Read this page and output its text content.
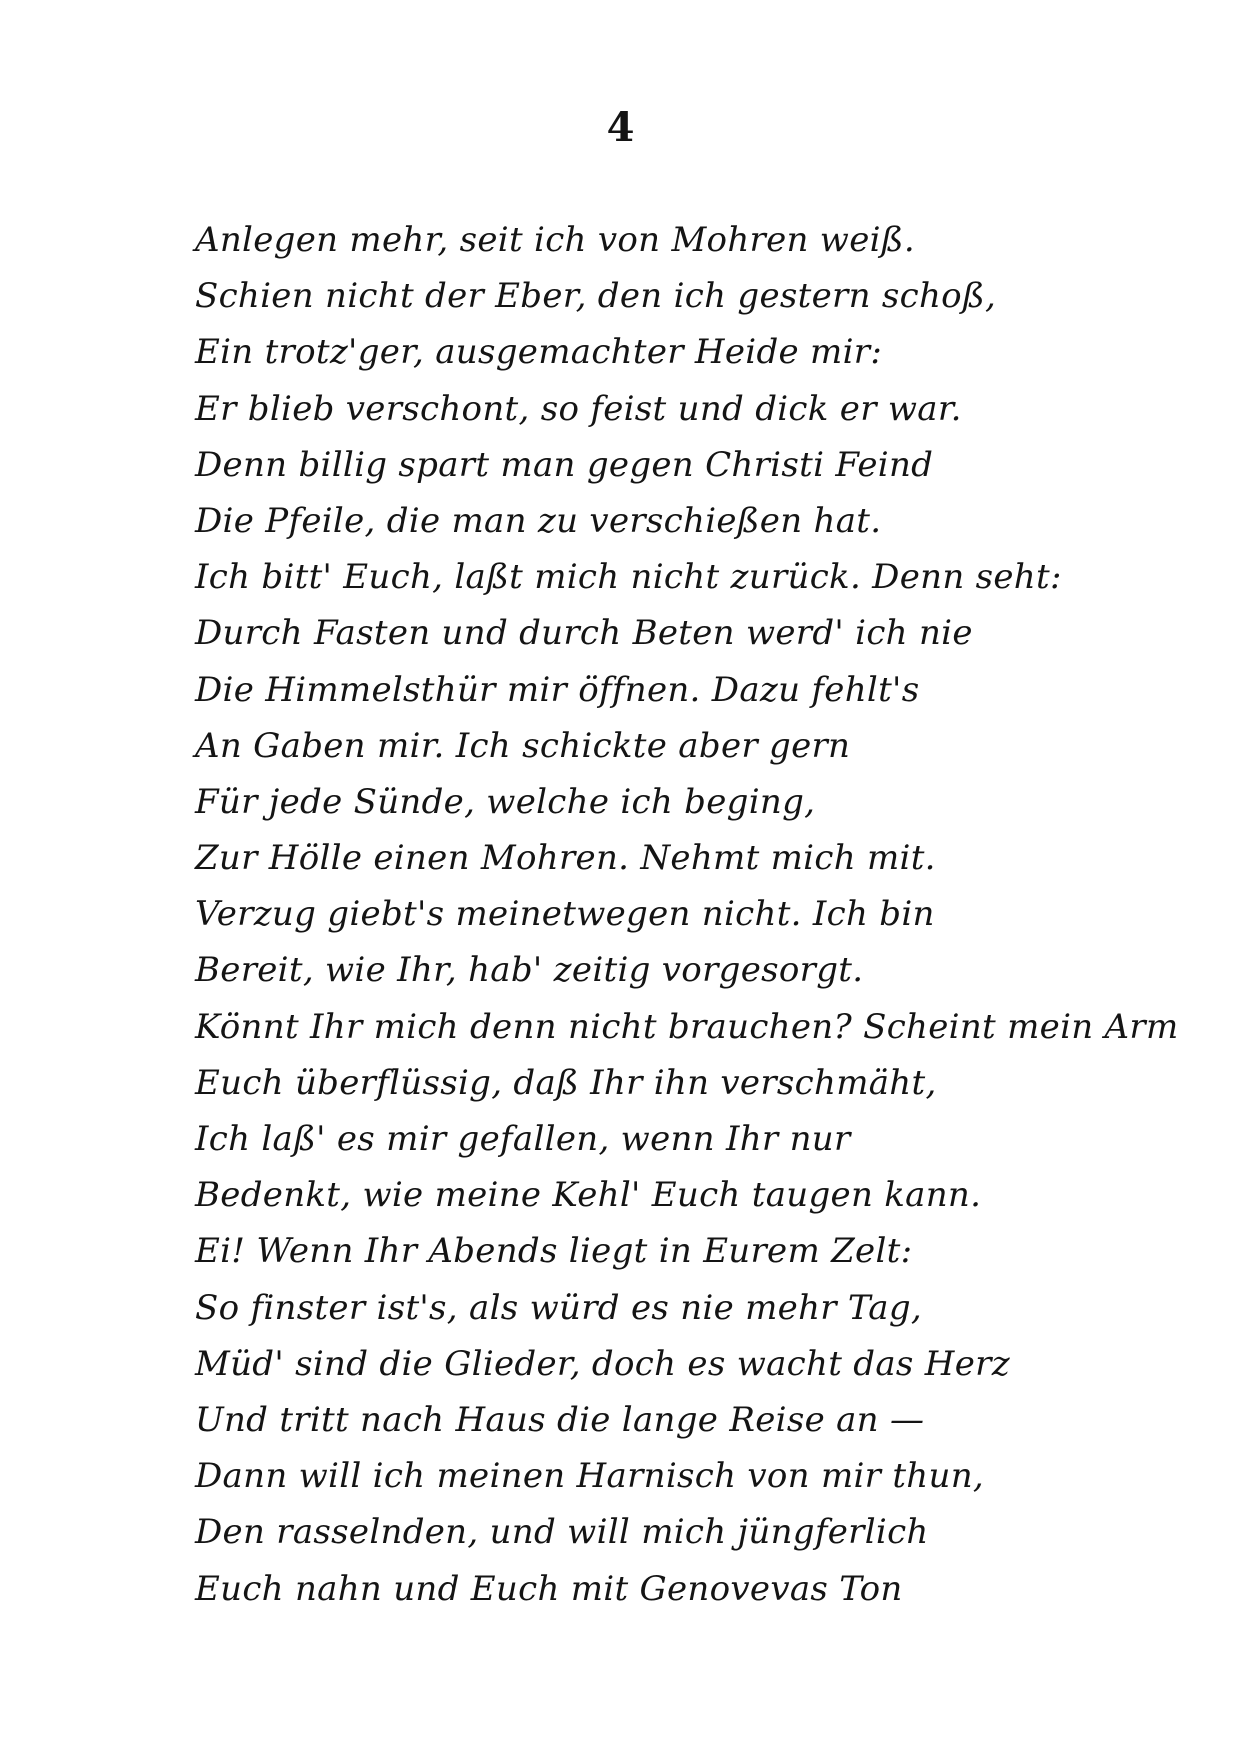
4
Anlegen mehr, seit ich von Mohren weiß.
Schien nicht der Eber, den ich gestern schoß,
Ein trotz'ger, ausgemachter Heide mir:
Er blieb verschont, so feist und dick er war.
Denn billig spart man gegen Christi Feind
Die Pfeile, die man zu verschießen hat.
Ich bitt' Euch, laßt mich nicht zurück. Denn seht:
Durch Fasten und durch Beten werd' ich nie
Die Himmelsthür mir öffnen. Dazu fehlt's
An Gaben mir. Ich schickte aber gern
Für jede Sünde, welche ich beging,
Zur Hölle einen Mohren. Nehmt mich mit.
Verzug giebt's meinetwegen nicht. Ich bin
Bereit, wie Ihr, hab' zeitig vorgesorgt.
Könnt Ihr mich denn nicht brauchen? Scheint mein Arm
Euch überflüssig, daß Ihr ihn verschmäht,
Ich laß' es mir gefallen, wenn Ihr nur
Bedenkt, wie meine Kehl' Euch taugen kann.
Ei! Wenn Ihr Abends liegt in Eurem Zelt:
So finster ist's, als würd es nie mehr Tag,
Müd' sind die Glieder, doch es wacht das Herz
Und tritt nach Haus die lange Reise an —
Dann will ich meinen Harnisch von mir thun,
Den rasselnden, und will mich jüngferlich
Euch nahn und Euch mit Genovevas Ton
